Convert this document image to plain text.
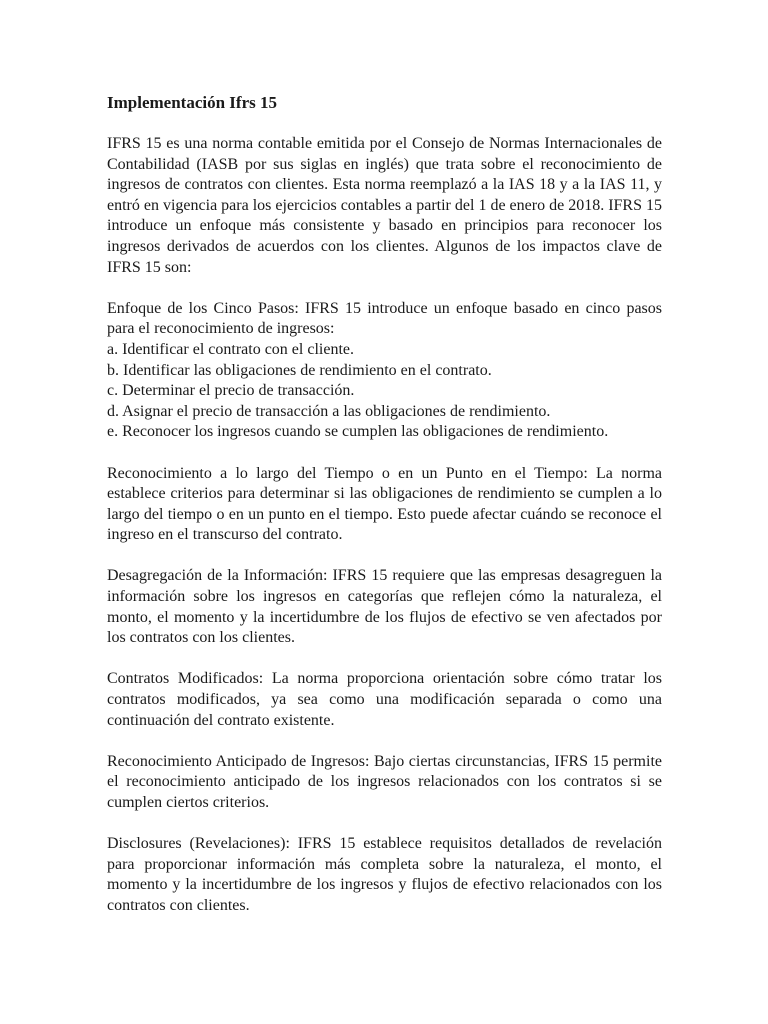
Implementación Ifrs 15

IFRS 15 es una norma contable emitida por el Consejo de Normas Internacionales de Contabilidad (IASB por sus siglas en inglés) que trata sobre el reconocimiento de ingresos de contratos con clientes. Esta norma reemplazó a la IAS 18 y a la IAS 11, y entró en vigencia para los ejercicios contables a partir del 1 de enero de 2018. IFRS 15 introduce un enfoque más consistente y basado en principios para reconocer los ingresos derivados de acuerdos con los clientes. Algunos de los impactos clave de IFRS 15 son:

Enfoque de los Cinco Pasos: IFRS 15 introduce un enfoque basado en cinco pasos para el reconocimiento de ingresos:
a. Identificar el contrato con el cliente.
b. Identificar las obligaciones de rendimiento en el contrato.
c. Determinar el precio de transacción.
d. Asignar el precio de transacción a las obligaciones de rendimiento.
e. Reconocer los ingresos cuando se cumplen las obligaciones de rendimiento.

Reconocimiento a lo largo del Tiempo o en un Punto en el Tiempo: La norma establece criterios para determinar si las obligaciones de rendimiento se cumplen a lo largo del tiempo o en un punto en el tiempo. Esto puede afectar cuándo se reconoce el ingreso en el transcurso del contrato.

Desagregación de la Información: IFRS 15 requiere que las empresas desagreguen la información sobre los ingresos en categorías que reflejen cómo la naturaleza, el monto, el momento y la incertidumbre de los flujos de efectivo se ven afectados por los contratos con los clientes.

Contratos Modificados: La norma proporciona orientación sobre cómo tratar los contratos modificados, ya sea como una modificación separada o como una continuación del contrato existente.

Reconocimiento Anticipado de Ingresos: Bajo ciertas circunstancias, IFRS 15 permite el reconocimiento anticipado de los ingresos relacionados con los contratos si se cumplen ciertos criterios.

Disclosures (Revelaciones): IFRS 15 establece requisitos detallados de revelación para proporcionar información más completa sobre la naturaleza, el monto, el momento y la incertidumbre de los ingresos y flujos de efectivo relacionados con los contratos con clientes.
